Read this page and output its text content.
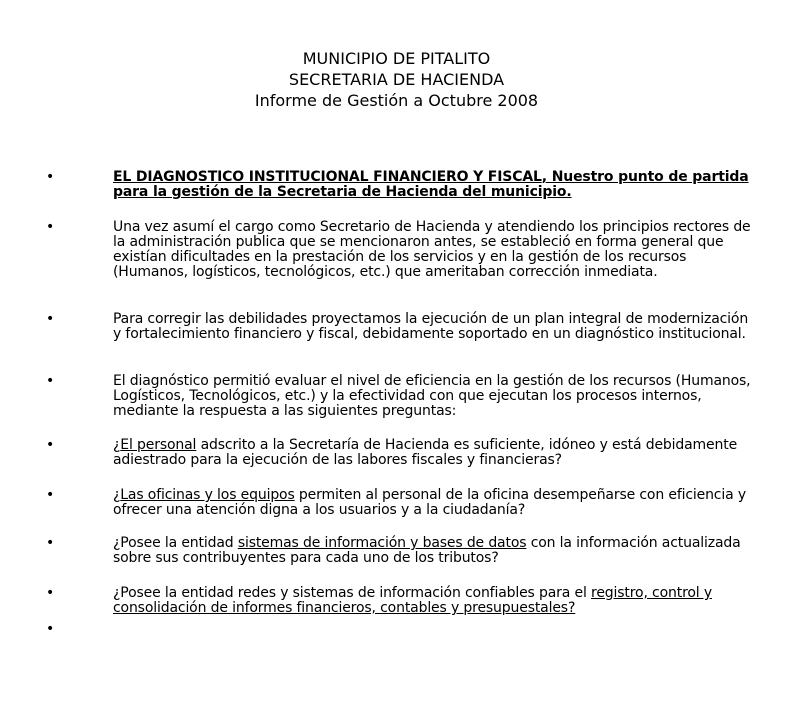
MUNICIPIO DE PITALITO
SECRETARIA DE HACIENDA
Informe de Gestión a Octubre 2008
•	EL DIAGNOSTICO INSTITUCIONAL FINANCIERO Y FISCAL, Nuestro punto de partida para la gestión de la Secretaria de Hacienda del municipio.
•	Una vez asumí el cargo como Secretario de Hacienda y atendiendo los principios rectores de la administración publica que se mencionaron antes, se estableció en forma general que existían dificultades en la prestación de los servicios y en la gestión de los recursos (Humanos, logísticos, tecnológicos, etc.) que ameritaban corrección inmediata.
•	Para corregir las debilidades proyectamos la ejecución de un plan integral de modernización y fortalecimiento financiero y fiscal, debidamente soportado en un diagnóstico institucional.
•	El diagnóstico permitió evaluar el nivel de eficiencia en la gestión de los recursos (Humanos, Logísticos, Tecnológicos, etc.) y la efectividad con que ejecutan los procesos internos, mediante la respuesta a las siguientes preguntas:
•	¿El personal adscrito a la Secretaría de Hacienda es suficiente, idóneo y está debidamente adiestrado para la ejecución de las labores fiscales y financieras?
•	¿Las oficinas y los equipos permiten al personal de la oficina desempeñarse con eficiencia y ofrecer una atención digna a los usuarios y a la ciudadanía?
•	¿Posee la entidad sistemas de información y bases de datos con la información actualizada sobre sus contribuyentes para cada uno de los tributos?
•	¿Posee la entidad redes y sistemas de información confiables para el registro, control y consolidación de informes financieros, contables y presupuestales?
•
